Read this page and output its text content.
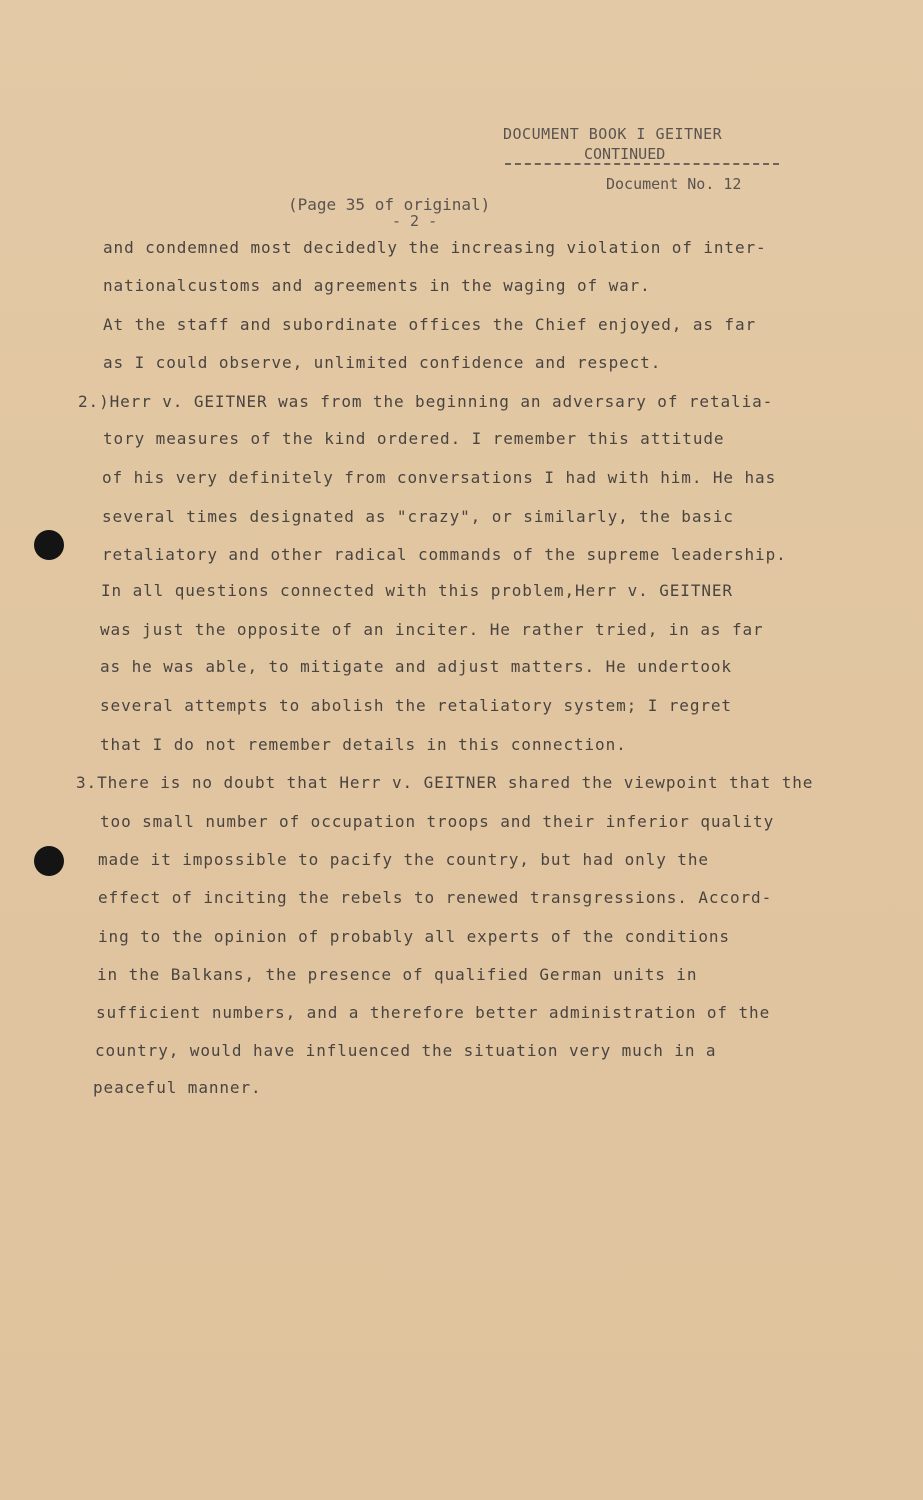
DOCUMENT BOOK I GEITNER
CONTINUED
Document No. 12
(Page 35 of original)
- 2 -
and condemned most decidedly the increasing violation of inter-
nationalcustoms and agreements in the waging of war.
At the staff and subordinate offices the Chief enjoyed, as far
as I could observe, unlimited confidence and respect.
2.)Herr v. GEITNER was from the beginning an adversary of retalia-
tory measures of the kind ordered. I remember this attitude
of his very definitely from conversations I had with him. He has
several times designated as "crazy", or similarly, the basic
retaliatory and other radical commands of the supreme leadership.
In all questions connected with this problem,Herr v. GEITNER
was just the opposite of an inciter. He rather tried, in as far
as he was able, to mitigate and adjust matters. He undertook
several attempts to abolish the retaliatory system; I regret
that I do not remember details in this connection.
3.There is no doubt that Herr v. GEITNER shared the viewpoint that the
too small number of occupation troops and their inferior quality
made it impossible to pacify the country, but had only the
effect of inciting the rebels to renewed transgressions. Accord-
ing to the opinion of probably all experts of the conditions
in the Balkans, the presence of qualified German units in
sufficient numbers, and a therefore better administration of the
country, would have influenced the situation very much in a
peaceful manner.
